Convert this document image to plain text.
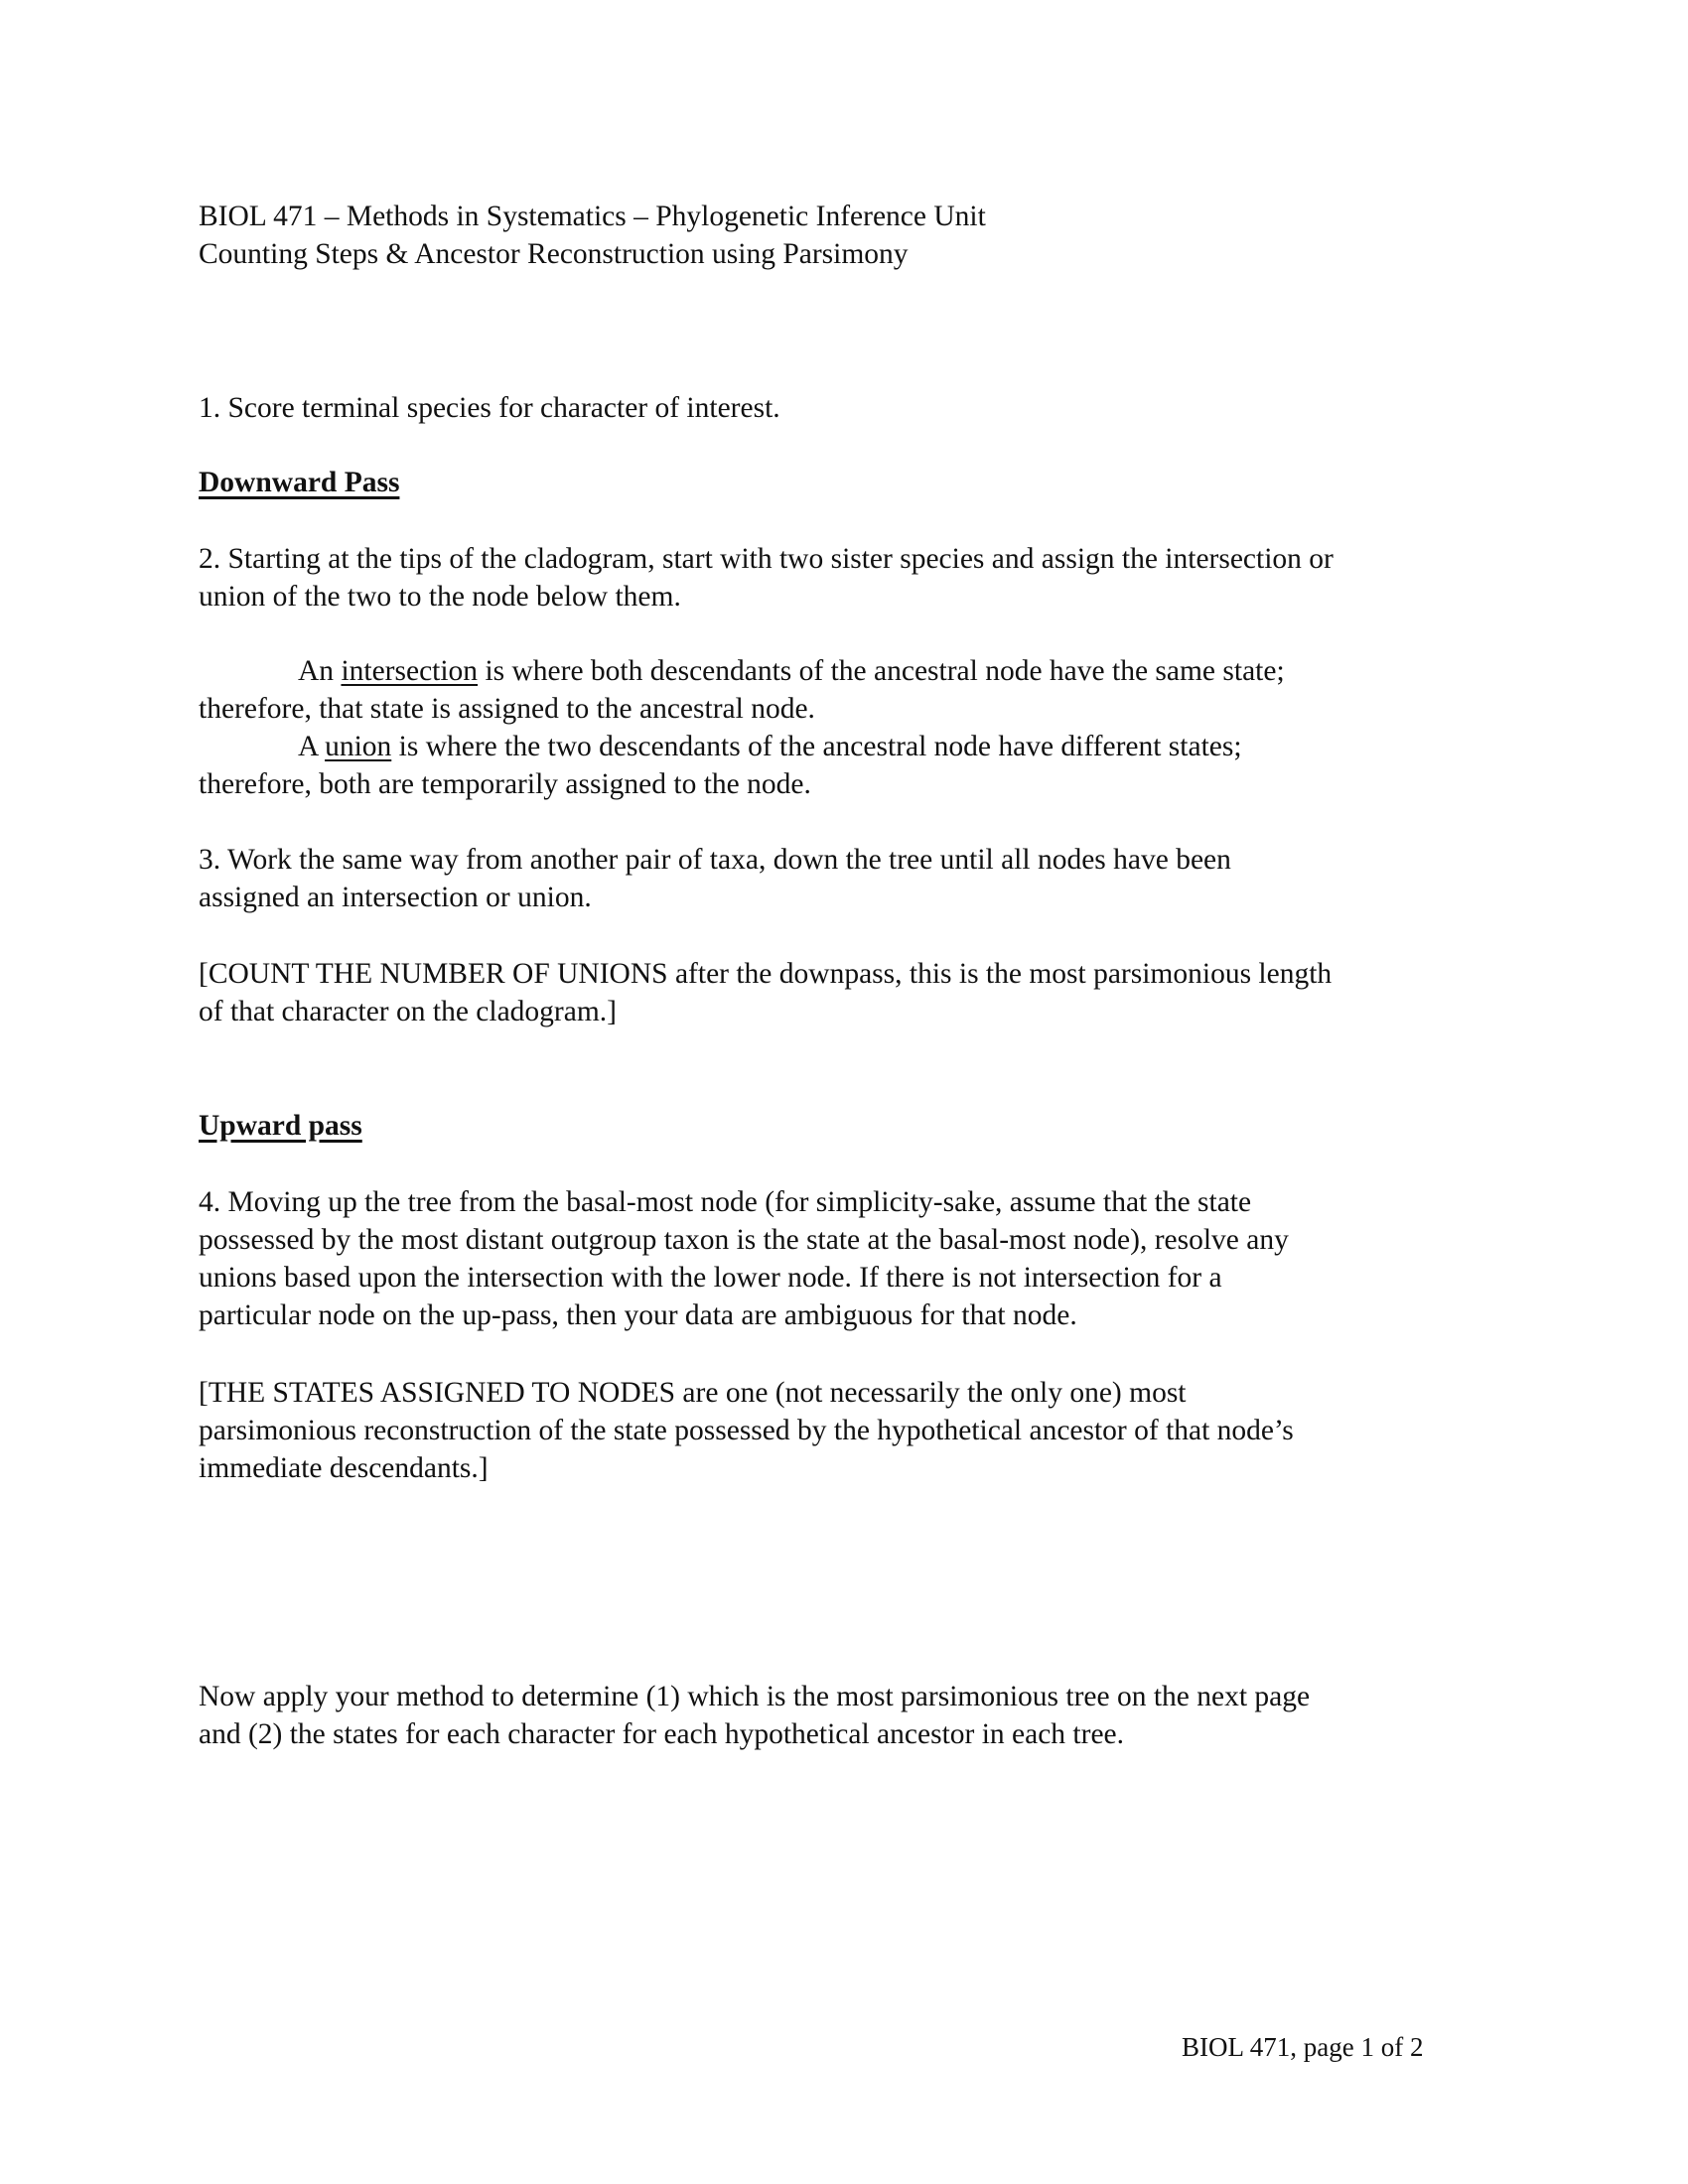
BIOL 471 – Methods in Systematics – Phylogenetic Inference Unit
Counting Steps & Ancestor Reconstruction using Parsimony
1. Score terminal species for character of interest.
Downward Pass
2. Starting at the tips of the cladogram, start with two sister species and assign the intersection or
union of the two to the node below them.
An intersection is where both descendants of the ancestral node have the same state;
therefore, that state is assigned to the ancestral node.
A union is where the two descendants of the ancestral node have different states;
therefore, both are temporarily assigned to the node.
3. Work the same way from another pair of taxa, down the tree until all nodes have been
assigned an intersection or union.
[COUNT THE NUMBER OF UNIONS after the downpass, this is the most parsimonious length
of that character on the cladogram.]
Upward pass
4. Moving up the tree from the basal-most node (for simplicity-sake, assume that the state
possessed by the most distant outgroup taxon is the state at the basal-most node), resolve any
unions based upon the intersection with the lower node. If there is not intersection for a
particular node on the up-pass, then your data are ambiguous for that node.
[THE STATES ASSIGNED TO NODES are one (not necessarily the only one) most
parsimonious reconstruction of the state possessed by the hypothetical ancestor of that node’s
immediate descendants.]
Now apply your method to determine (1) which is the most parsimonious tree on the next page
and (2) the states for each character for each hypothetical ancestor in each tree.
BIOL 471, page 1 of 2
